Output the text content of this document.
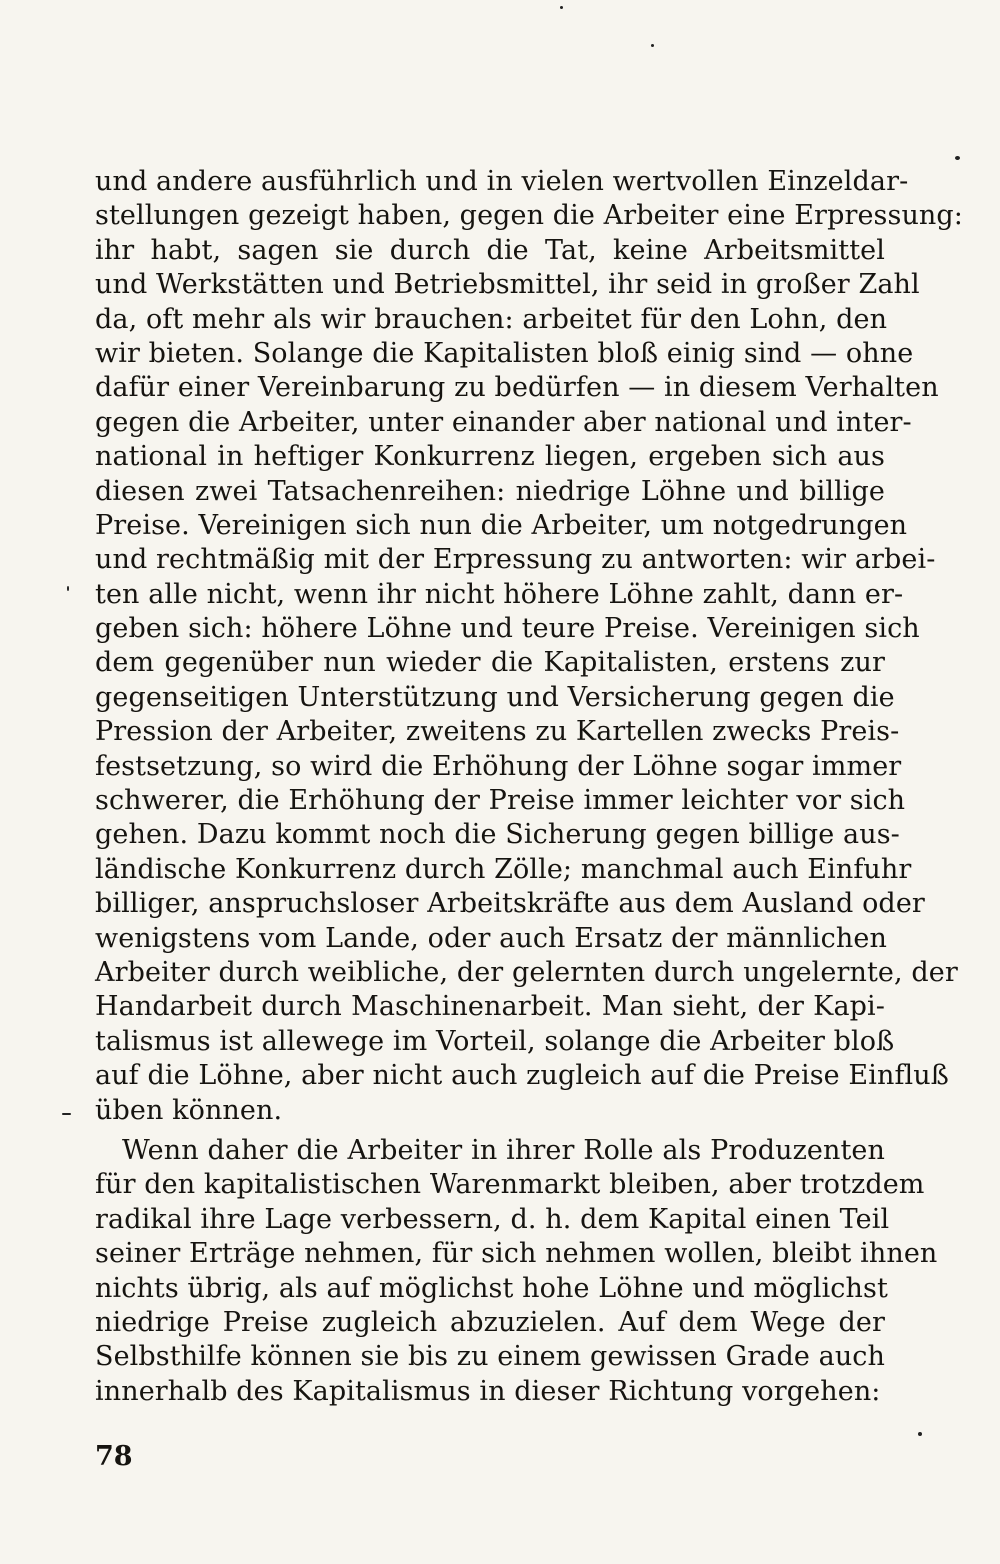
und andere ausführlich und in vielen wertvollen Einzeldar-
stellungen gezeigt haben, gegen die Arbeiter eine Erpressung:
ihr habt, sagen sie durch die Tat, keine Arbeitsmittel
und Werkstätten und Betriebsmittel, ihr seid in großer Zahl
da, oft mehr als wir brauchen: arbeitet für den Lohn, den
wir bieten. Solange die Kapitalisten bloß einig sind — ohne
dafür einer Vereinbarung zu bedürfen — in diesem Verhalten
gegen die Arbeiter, unter einander aber national und inter-
national in heftiger Konkurrenz liegen, ergeben sich aus
diesen zwei Tatsachenreihen: niedrige Löhne und billige
Preise. Vereinigen sich nun die Arbeiter, um notgedrungen
und rechtmäßig mit der Erpressung zu antworten: wir arbei-
ten alle nicht, wenn ihr nicht höhere Löhne zahlt, dann er-
geben sich: höhere Löhne und teure Preise. Vereinigen sich
dem gegenüber nun wieder die Kapitalisten, erstens zur
gegenseitigen Unterstützung und Versicherung gegen die
Pression der Arbeiter, zweitens zu Kartellen zwecks Preis-
festsetzung, so wird die Erhöhung der Löhne sogar immer
schwerer, die Erhöhung der Preise immer leichter vor sich
gehen. Dazu kommt noch die Sicherung gegen billige aus-
ländische Konkurrenz durch Zölle; manchmal auch Einfuhr
billiger, anspruchsloser Arbeitskräfte aus dem Ausland oder
wenigstens vom Lande, oder auch Ersatz der männlichen
Arbeiter durch weibliche, der gelernten durch ungelernte, der
Handarbeit durch Maschinenarbeit. Man sieht, der Kapi-
talismus ist allewege im Vorteil, solange die Arbeiter bloß
auf die Löhne, aber nicht auch zugleich auf die Preise Einfluß
üben können.
Wenn daher die Arbeiter in ihrer Rolle als Produzenten
für den kapitalistischen Warenmarkt bleiben, aber trotzdem
radikal ihre Lage verbessern, d. h. dem Kapital einen Teil
seiner Erträge nehmen, für sich nehmen wollen, bleibt ihnen
nichts übrig, als auf möglichst hohe Löhne und möglichst
niedrige Preise zugleich abzuzielen. Auf dem Wege der
Selbsthilfe können sie bis zu einem gewissen Grade auch
innerhalb des Kapitalismus in dieser Richtung vorgehen:
78
